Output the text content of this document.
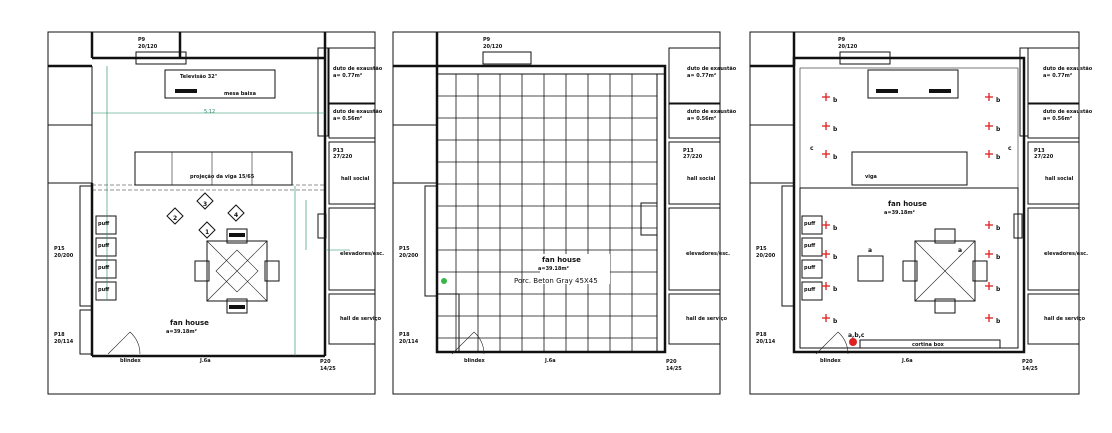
P9
20/120
Televisão 32"
mesa baixa
5.12
projeção da viga 15/65
duto de exaustão
a= 0.77m²
duto de exaustão
a= 0.56m²
P13
27/220
hall social
elevadores/esc.
hall de serviço
P15
20/200
P18
20/114
P20
14/25
fan house
a=39.18m²
puff
puff
puff
puff
blindex	J.6a
3
2	4
1
P9
20/120
duto de exaustão
a= 0.77m²
duto de exaustão
a= 0.56m²
P13
27/220
hall social
elevadores/esc.
hall de serviço
P15
20/200
P18
20/114
P20
14/25
fan house
a=39.18m²
Porc. Beton Gray 45X45
blindex	J.6a
b
b
b
b
b
b
b
b
b
b
b
b
b
b
c	c
a	a
P9
20/120
duto de exaustão
a= 0.77m²
duto de exaustão
a= 0.56m²
P13
27/220
hall social
elevadores/esc.
hall de serviço
P15
20/200
P18
20/114
P20
14/25
fan house
a=39.18m²
viga
puff
puff
puff
puff
a,b,c
cortina box
blindex	J.6a
